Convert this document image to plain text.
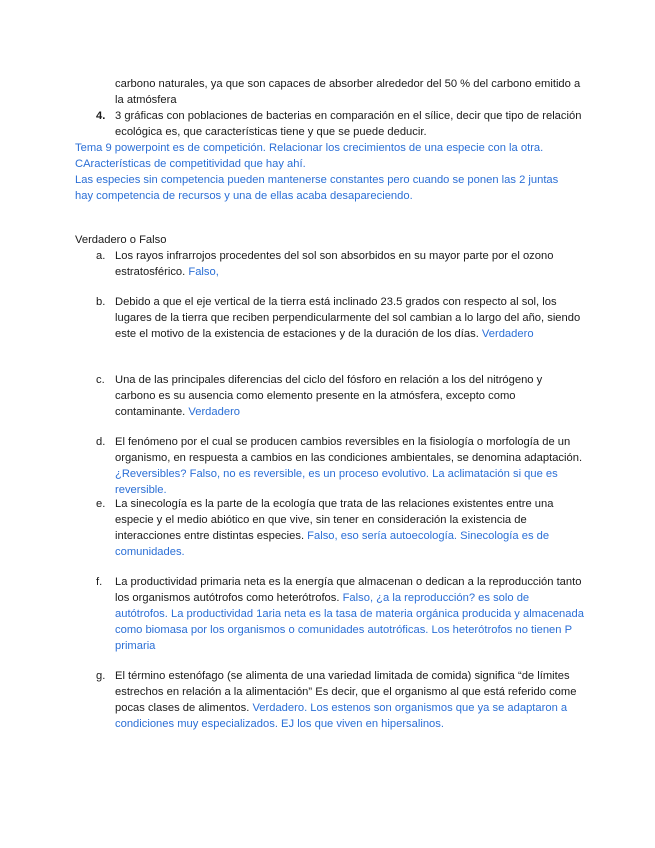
carbono naturales, ya que son capaces de absorber alrededor del 50 % del carbono emitido a la atmósfera

4. 3 gráficas con poblaciones de bacterias en comparación en el sílice, decir que tipo de relación ecológica es, que características tiene y que se puede deducir.

Tema 9 powerpoint es de competición. Relacionar los crecimientos de una especie con la otra.

CAracterísticas de competitividad que hay ahí.

Las especies sin competencia pueden mantenerse constantes pero cuando se ponen las 2 juntas hay competencia de recursos y una de ellas acaba desapareciendo.

Verdadero o Falso
a. Los rayos infrarrojos procedentes del sol son absorbidos en su mayor parte por el ozono estratosférico. Falso,
b. Debido a que el eje vertical de la tierra está inclinado 23.5 grados con respecto al sol, los lugares de la tierra que reciben perpendicularmente del sol cambian a lo largo del año, siendo este el motivo de la existencia de estaciones y de la duración de los días. Verdadero
c. Una de las principales diferencias del ciclo del fósforo en relación a los del nitrógeno y carbono es su ausencia como elemento presente en la atmósfera, excepto como contaminante. Verdadero
d. El fenómeno por el cual se producen cambios reversibles en la fisiología o morfología de un organismo, en respuesta a cambios en las condiciones ambientales, se denomina adaptación. ¿Reversibles? Falso, no es reversible, es un proceso evolutivo. La aclimatación si que es reversible.
e. La sinecología es la parte de la ecología que trata de las relaciones existentes entre una especie y el medio abiótico en que vive, sin tener en consideración la existencia de interacciones entre distintas especies. Falso, eso sería autoecología. Sinecología es de comunidades.
f. La productividad primaria neta es la energía que almacenan o dedican a la reproducción tanto los organismos autótrofos como heterótrofos. Falso, ¿a la reproducción? es solo de autótrofos. La productividad 1aria neta es la tasa de materia orgánica producida y almacenada como biomasa por los organismos o comunidades autotróficas. Los heterótrofos no tienen P primaria
g. El término estenófago (se alimenta de una variedad limitada de comida) significa “de límites estrechos en relación a la alimentación” Es decir, que el organismo al que está referido come pocas clases de alimentos. Verdadero. Los estenos son organismos que ya se adaptaron a condiciones muy especializados. EJ los que viven en hipersalinos.
